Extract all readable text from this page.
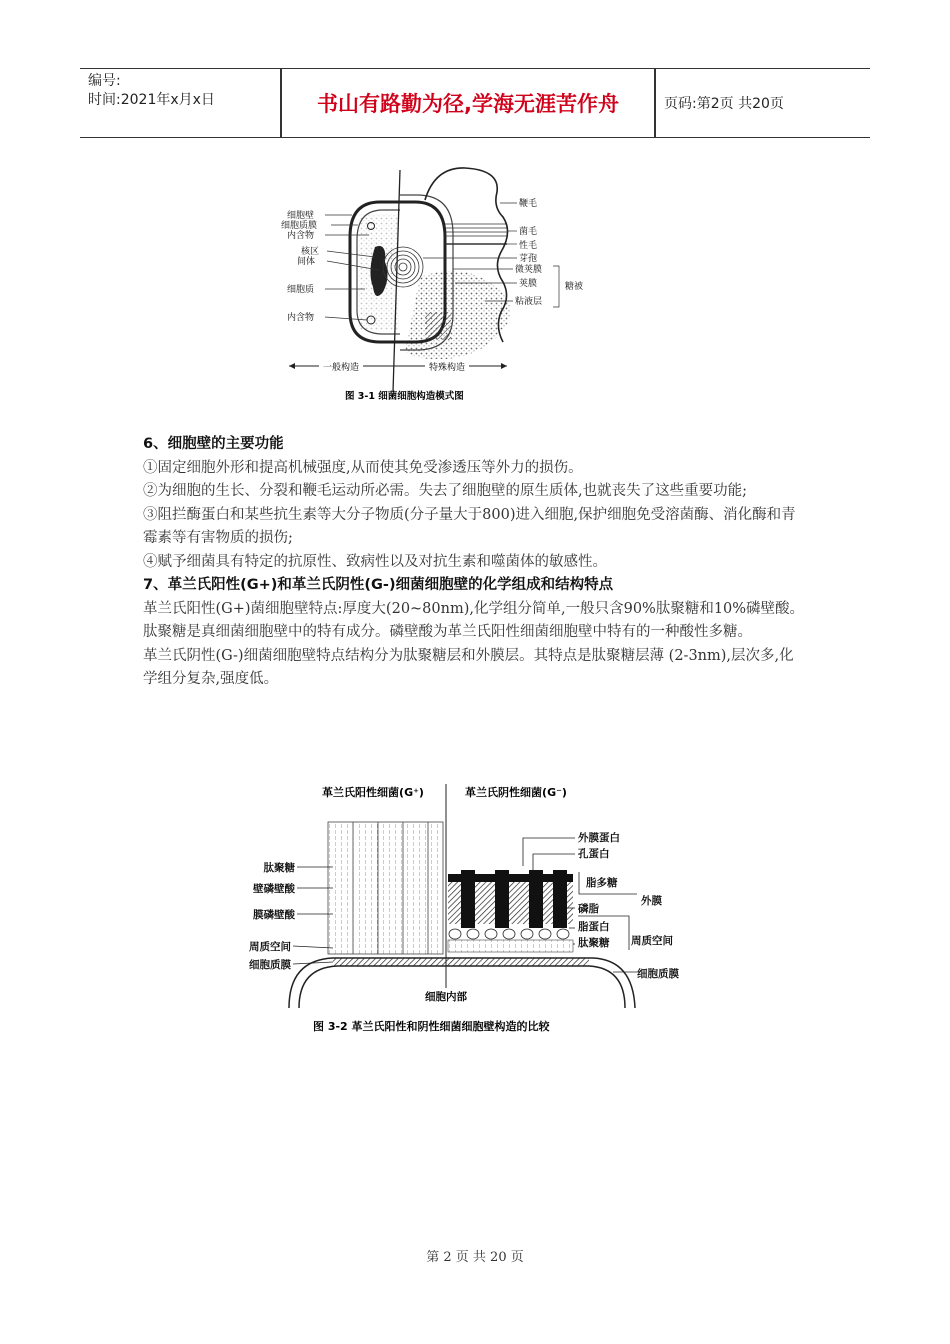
编号:
时间:2021年x月x日	书山有路勤为径,学海无涯苦作舟	页码:第2页 共20页
细胞壁
细胞质膜
内含物
核区
间体
细胞质
内含物
鞭毛
菌毛
性毛
芽孢
微荚膜
荚膜
粘液层
糖被
一般构造	特殊构造
图 3-1 细菌细胞构造模式图

6、细胞壁的主要功能

①固定细胞外形和提高机械强度,从而使其免受渗透压等外力的损伤。

②为细胞的生长、分裂和鞭毛运动所必需。失去了细胞壁的原生质体,也就丧失了这些重要功能;

③阻拦酶蛋白和某些抗生素等大分子物质(分子量大于800)进入细胞,保护细胞免受溶菌酶、消化酶和青霉素等有害物质的损伤;

④赋予细菌具有特定的抗原性、致病性以及对抗生素和噬菌体的敏感性。

7、革兰氏阳性(G+)和革兰氏阴性(G-)细菌细胞壁的化学组成和结构特点

革兰氏阳性(G+)菌细胞壁特点:厚度大(20~80nm),化学组分简单,一般只含90%肽聚糖和10%磷壁酸。肽聚糖是真细菌细胞壁中的特有成分。磷壁酸为革兰氏阳性细菌细胞壁中特有的一种酸性多糖。

革兰氏阴性(G-)细菌细胞壁特点结构分为肽聚糖层和外膜层。其特点是肽聚糖层薄 (2-3nm),层次多,化学组分复杂,强度低。

革兰氏阳性细菌(G⁺)	革兰氏阴性细菌(G⁻)
肽聚糖
壁磷壁酸
膜磷壁酸
周质空间
细胞质膜
外膜蛋白
孔蛋白
脂多糖
磷脂
脂蛋白
肽聚糖
外膜
周质空间
细胞质膜
细胞内部
图 3-2 革兰氏阳性和阴性细菌细胞壁构造的比较
第 2 页 共 20 页
